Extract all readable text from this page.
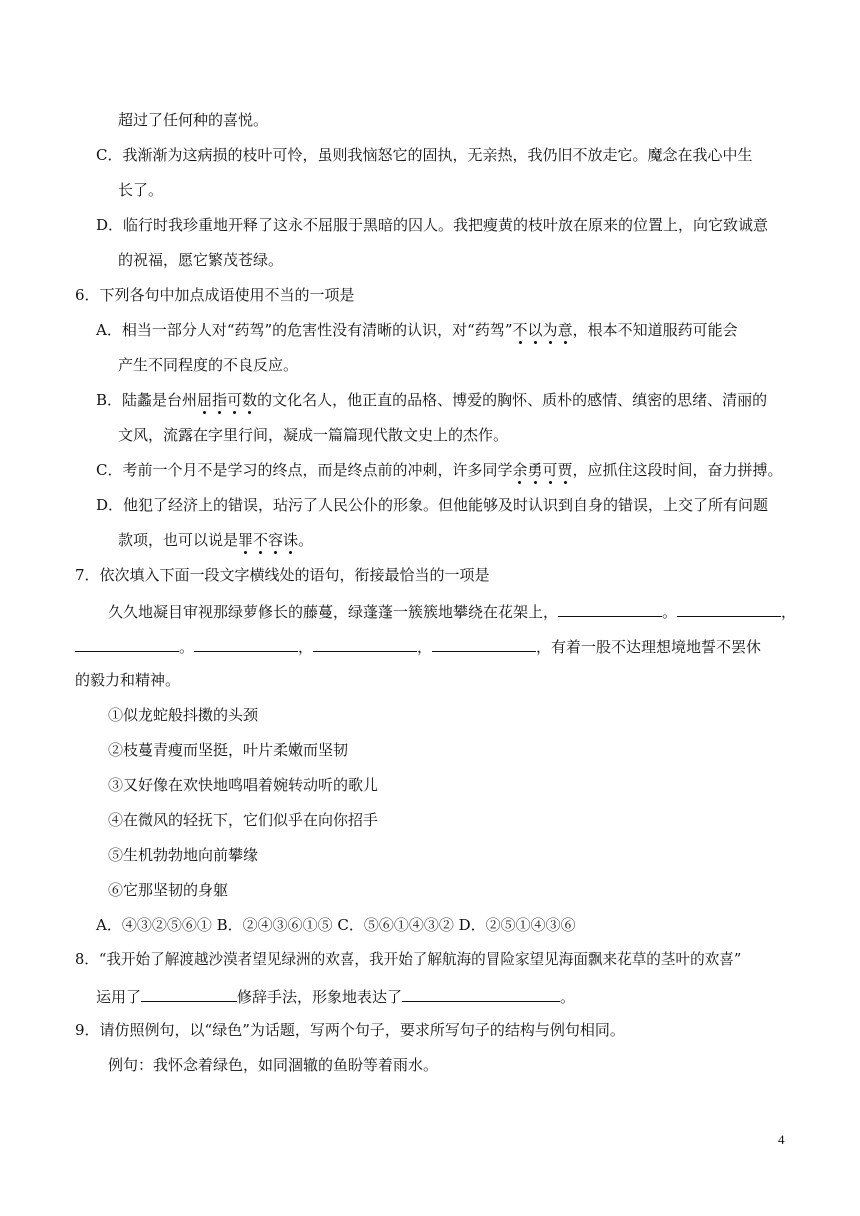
超过了任何种的喜悦。
C．我渐渐为这病损的枝叶可怜，虽则我恼怒它的固执，无亲热，我仍旧不放走它。魔念在我心中生
长了。
D．临行时我珍重地开释了这永不屈服于黑暗的囚人。我把瘦黄的枝叶放在原来的位置上，向它致诚意
的祝福，愿它繁茂苍绿。
6．下列各句中加点成语使用不当的一项是
A．相当一部分人对“药驾”的危害性没有清晰的认识，对“药驾”不以为意，根本不知道服药可能会
产生不同程度的不良反应。
B．陆蠡是台州屈指可数的文化名人，他正直的品格、博爱的胸怀、质朴的感情、缜密的思绪、清丽的
文风，流露在字里行间，凝成一篇篇现代散文史上的杰作。
C．考前一个月不是学习的终点，而是终点前的冲刺，许多同学余勇可贾，应抓住这段时间，奋力拼搏。
D．他犯了经济上的错误，玷污了人民公仆的形象。但他能够及时认识到自身的错误，上交了所有问题
款项，也可以说是罪不容诛。
7．依次填入下面一段文字横线处的语句，衔接最恰当的一项是
久久地凝目审视那绿萝修长的藤蔓，绿蓬蓬一簇簇地攀绕在花架上，	。	，
。	，	，	，有着一股不达理想境地誓不罢休
的毅力和精神。
①似龙蛇般抖擞的头颈
②枝蔓青瘦而坚挺，叶片柔嫩而坚韧
③又好像在欢快地鸣唱着婉转动听的歌儿
④在微风的轻抚下，它们似乎在向你招手
⑤生机勃勃地向前攀缘
⑥它那坚韧的身躯
A．④③②⑤⑥① B．②④③⑥①⑤ C．⑤⑥①④③② D．②⑤①④③⑥
8．“我开始了解渡越沙漠者望见绿洲的欢喜，我开始了解航海的冒险家望见海面飘来花草的茎叶的欢喜”
运用了	修辞手法，形象地表达了	。
9．请仿照例句，以“绿色”为话题，写两个句子，要求所写句子的结构与例句相同。
例句：我怀念着绿色，如同涸辙的鱼盼等着雨水。
4
